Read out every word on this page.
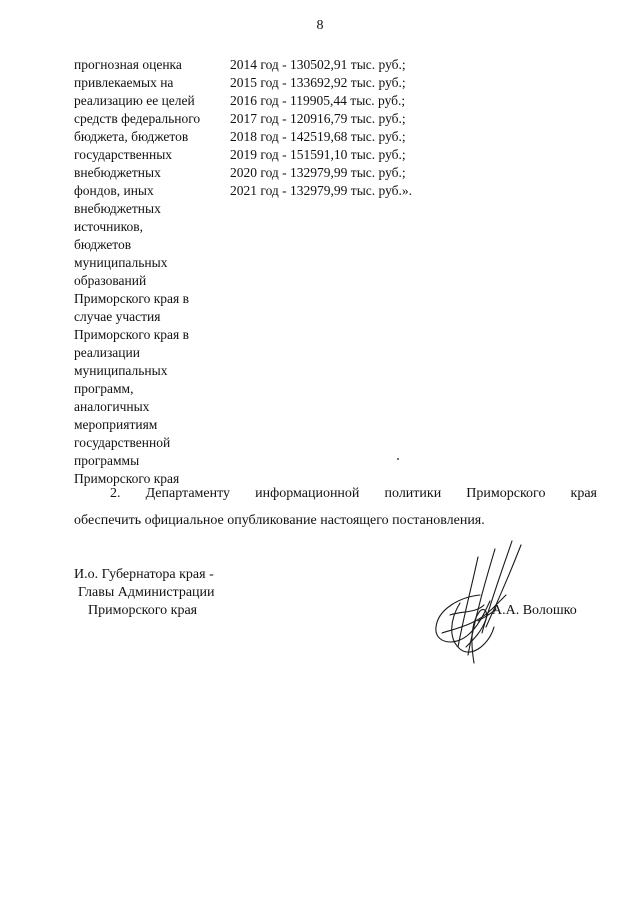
8
прогнозная оценка
привлекаемых на
реализацию ее целей
средств федерального
бюджета, бюджетов
государственных
внебюджетных
фондов, иных
внебюджетных
источников,
бюджетов
муниципальных
образований
Приморского края в
случае участия
Приморского края в
реализации
муниципальных
программ,
аналогичных
мероприятиям
государственной
программы
Приморского края
2014 год - 130502,91 тыс. руб.;
2015 год - 133692,92 тыс. руб.;
2016 год - 119905,44 тыс. руб.;
2017 год - 120916,79 тыс. руб.;
2018 год - 142519,68 тыс. руб.;
2019 год - 151591,10 тыс. руб.;
2020 год - 132979,99 тыс. руб.;
2021 год - 132979,99 тыс. руб.».
2. Департаменту информационной политики Приморского края
обеспечить официальное опубликование настоящего постановления.
И.о. Губернатора края -
Главы Администрации
Приморского края	А.А. Волошко
